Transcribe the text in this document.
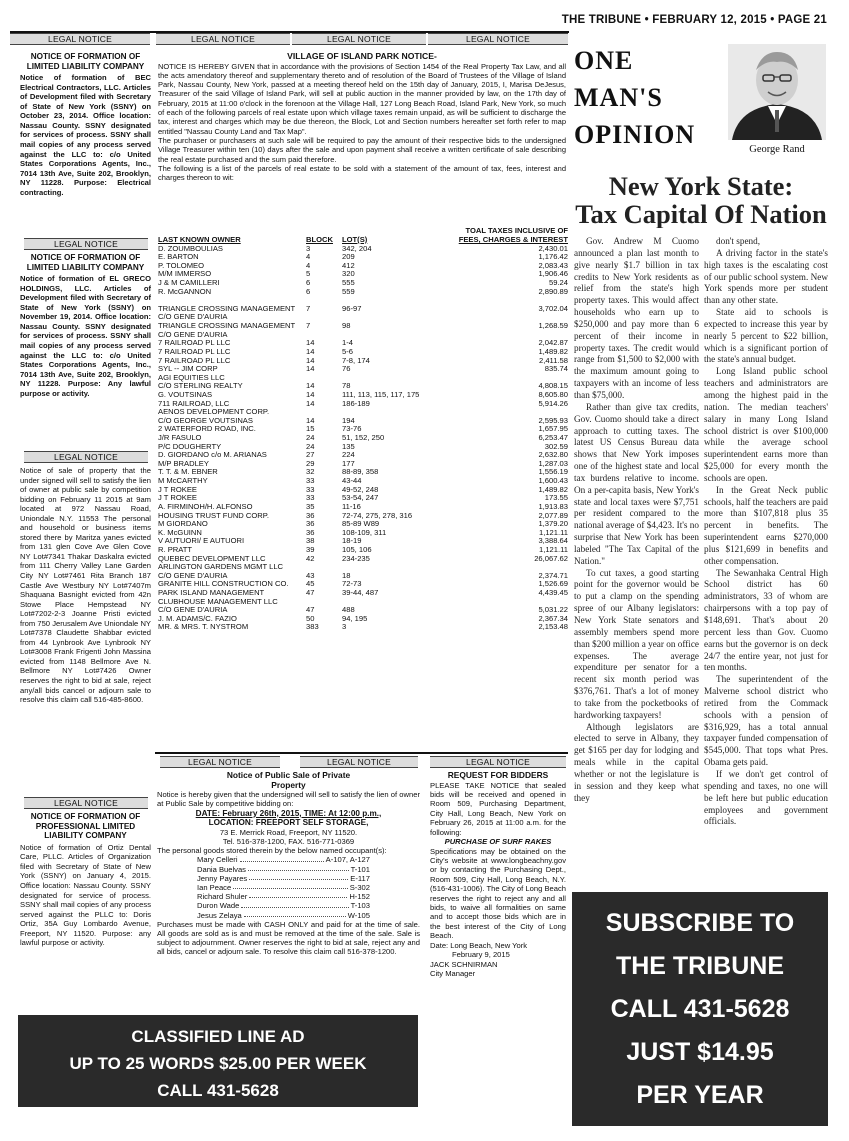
THE TRIBUNE • FEBRUARY 12, 2015 • PAGE 21
LEGAL NOTICE	LEGAL NOTICE	LEGAL NOTICE	LEGAL NOTICE
NOTICE OF FORMATION OF LIMITED LIABILITY COMPANY
Notice of formation of BEC Electrical Contractors, LLC. Articles of Development filed with Secretary of State of New York (SSNY) on October 23, 2014. Office location: Nassau County. SSNY designated for services of process. SSNY shall mail copies of any process served against the LLC to: c/o United States Corporations Agents, Inc., 7014 13th Ave, Suite 202, Brooklyn, NY 11228. Purpose: Electrical contracting.
LEGAL NOTICE
NOTICE OF FORMATION OF LIMITED LIABILITY COMPANY
Notice of formation of EL GRECO HOLDINGS, LLC. Articles of Development filed with Secretary of State of New York (SSNY) on November 19, 2014. Office location: Nassau County. SSNY designated for services of process. SSNY shall mail copies of any process served against the LLC to: c/o United States Corporations Agents, Inc., 7014 13th Ave, Suite 202, Brooklyn, NY 11228. Purpose: Any lawful purpose or activity.
LEGAL NOTICE
Notice of sale of property that the under signed will sell to satisfy the lien of owner at public sale by competition bidding on February 11 2015 at 9am located at 972 Nassau Road, Uniondale N.Y. 11553 The personal and household or business items stored there by Maritza yanes evicted from 131 glen Cove Ave Glen Cove NY Lot#7341 Thakar Daskalra evicted from 111 Cherry Valley Lane Garden City NY Lot#7461 Rita Branch 187 Castle Ave Westbury NY Lot#7407m Shaquana Basnight evicted from 42n Stowe Place Hempstead NY Lot#7202-2-3 Joanne Pristi evicted from 750 Jerusalem Ave Uniondale NY Lot#7378 Claudette Shabbar evicted from 44 Lynbrook Ave Lynbrook NY Lot#3008 Frank Frigenti John Massina evicted from 1148 Bellmore Ave N. Bellmore NY Lot#7426 Owner reserves the right to bid at sale, reject any/all bids cancel or adjourn sale to resolve this claim call 516-485-8600.
LEGAL NOTICE
NOTICE OF FORMATION OF PROFESSIONAL LIMITED LIABILITY COMPANY
Notice of formation of Ortiz Dental Care, PLLC. Articles of Organization filed with Secretary of State of New York (SSNY) on January 4, 2015. Office location: Nassau County. SSNY designated for service of process. SSNY shall mail copies of any process served against the PLLC to: Doris Ortiz, 35A Guy Lombardo Avenue, Freeport, NY 11520. Purpose: any lawful purpose or activity.
VILLAGE OF ISLAND PARK NOTICE-
NOTICE IS HEREBY GIVEN that in accordance with the provisions of Section 1454 of the Real Property Tax Law, and all the acts amendatory thereof and supplementary thereto and of resolution of the Board of Trustees of the Village of Island Park, Nassau County, New York, passed at a meeting thereof held on the 15th day of January, 2015, I, Marisa DeJesus, Treasurer of the said Village of Island Park, will sell at public auction in the manner provided by law, on the 17th day of February, 2015 at 11:00 o'clock in the forenoon at the Village Hall, 127 Long Beach Road, Island Park, New York, so much of each of the following parcels of real estate upon which village taxes remain unpaid, as will be sufficient to discharge the tax, interest and charges which may be due thereon, the Block, Lot and Section numbers hereafter set forth refer to map entitled "Nassau County Land and Tax Map".
The purchaser or purchasers at such sale will be required to pay the amount of their respective bids to the undersigned Village Treasurer within ten (10) days after the sale and upon payment shall receive a written certificate of sale describing the real estate purchased and the sum paid therefore.
The following is a list of the parcels of real estate to be sold with a statement of the amount of tax, fees, interest and charges thereon to wit:
TOAL TAXES INCLUSIVE OF
LAST KNOWN OWNER	BLOCK	LOT(S)	FEES, CHARGES & INTEREST
D. ZOUMBOULIAS	3	342, 204	2,430.01
E. BARTON	4	209	1,176.42
P. TOLOMEO	4	412	2,083.43
M/M IMMERSO	5	320	1,906.46
J & M CAMILLERI	6	555	59.24
R. McGANNON	6	559	2,890.89
TRIANGLE CROSSING MANAGEMENT	7	96-97	3,702.04
C/O GENE D'AURIA
TRIANGLE CROSSING MANAGEMENT	7	98	1,268.59
C/O GENE D'AURIA
7 RAILROAD PL LLC	14	1-4	2,042.87
7 RAILROAD PL LLC	14	5-6	1,489.82
7 RAILROAD PL LLC	14	7-8, 174	2,411.58
SYL -- JIM CORP	14	76	835.74
AGI EQUITIES LLC
C/O STERLING REALTY	14	78	4,808.15
G. VOUTSINAS	14	111, 113, 115, 117, 175	8,605.80
711 RAILROAD, LLC	14	186-189	5,914.26
AENOS DEVELOPMENT CORP.
C/O GEORGE VOUTSINAS	14	194	2,595.93
2 WATERFORD ROAD, INC.	15	73-76	1,657.95
J/R FASULO	24	51, 152, 250	6,253.47
P/C DOUGHERTY	24	135	302.59
D. GIORDANO c/o M. ARIANAS	27	224	2,632.80
M/P BRADLEY	29	177	1,287.03
T. T. & M. EBNER	32	88-89, 358	1,556.19
M McCARTHY	33	43-44	1,600.43
J T ROKEE	33	49-52, 248	1,489.82
J T ROKEE	33	53-54, 247	173.55
A. FIRMINOH/H. ALFONSO	35	11-16	1,913.83
HOUSING TRUST FUND CORP.	36	72-74, 275, 278, 316	2,077.89
M GIORDANO	36	85-89 W89	1,379.20
K. McGUINN	36	108-109, 311	1,121.11
V AUTUORI/ E AUTUORI	38	18-19	3,388.64
R. PRATT	39	105, 106	1,121.11
QUEBEC DEVELOPMENT LLC	42	234-235	26,067.62
ARLINGTON GARDENS MGMT LLC
C/O GENE D'AURIA	43	18	2,374.71
GRANITE HILL CONSTRUCTION CO.	45	72-73	1,526.69
PARK ISLAND MANAGEMENT	47	39-44, 487	4,439.45
CLUBHOUSE MANAGEMENT LLC
C/O GENE D'AURIA	47	488	5,031.22
J. M. ADAMS/C. FAZIO	50	94, 195	2,367.34
MR. & MRS. T. NYSTROM	383	3	2,153.48
LEGAL NOTICE	LEGAL NOTICE
Notice of Public Sale of Private Property
Notice is hereby given that the undersigned will sell to satisfy the lien of owner at Public Sale by competitive bidding on:
DATE: February 26th, 2015, TIME: At 12:00 p.m.,
LOCATION: FREEPORT SELF STORAGE,
73 E. Merrick Road, Freeport, NY 11520.
Tel. 516-378-1200, FAX. 516-771-0369
The personal goods stored therein by the below named occupant(s):
Mary Celleri	A-107, A-127
Dania Buelvas	T-101
Jenny Payares	E-117
Ian Peace	S-302
Richard Shuler	H-152
Duron Wade	T-103
Jesus Zelaya	W-105
Purchases must be made with CASH ONLY and paid for at the time of sale. All goods are sold as is and must be removed at the time of the sale. Sale is subject to adjournment. Owner reserves the right to bid at sale, reject any and all bids, cancel or adjourn sale. To resolve this claim call 516-378-1200.
LEGAL NOTICE
REQUEST FOR BIDDERS
PLEASE TAKE NOTICE that sealed bids will be received and opened in Room 509, Purchasing Department, City Hall, Long Beach, New York on February 26, 2015 at 11:00 a.m. for the following:
PURCHASE OF SURF RAKES
Specifications may be obtained on the City's website at www.longbeachny.gov or by contacting the Purchasing Dept., Room 509, City Hall, Long Beach, N.Y. (516-431-1006). The City of Long Beach reserves the right to reject any and all bids, to waive all formalities on same and to accept those bids which are in the best interest of the City of Long Beach.
Date: Long Beach, New York
February 9, 2015
JACK SCHNIRMAN
City Manager
CLASSIFIED LINE AD
UP TO 25 WORDS $25.00 PER WEEK
CALL 431-5628
ONE
MAN'S
OPINION
George Rand
New York State:
Tax Capital Of Nation

Gov. Andrew M Cuomo announced a plan last month to give nearly $1.7 billion in tax credits to New York residents as relief from the state's high property taxes. This would affect households who earn up to $250,000 and pay more than 6 percent of their income in property taxes. The credit would range from $1,500 to $2,000 with the maximum amount going to taxpayers with an income of less than $75,000.

Rather than give tax credits, Gov. Cuomo should take a direct approach to cutting taxes. The latest US Census Bureau data shows that New York imposes one of the highest state and local tax burdens relative to income. On a per-capita basis, New York's state and local taxes were $7,751 per resident compared to the national average of $4,423. It's no surprise that New York has been labeled "The Tax Capital of the Nation."

To cut taxes, a good starting point for the governor would be to put a clamp on the spending spree of our Albany legislators: New York State senators and assembly members spend more than $200 million a year on office expenses. The average expenditure per senator for a recent six month period was $376,761. That's a lot of money to take from the pocketbooks of hardworking taxpayers!

Although legislators are elected to serve in Albany, they get $165 per day for lodging and meals while in the capital whether or not the legislature is in session and they keep what they

don't spend,

A driving factor in the state's high taxes is the escalating cost of our public school system. New York spends more per student than any other state.

State aid to schools is expected to increase this year by nearly 5 percent to $22 billion, which is a significant portion of the state's annual budget.

Long Island public school teachers and administrators are among the highest paid in the nation. The median teachers' salary in many Long Island school district is over $100,000 while the average school superintendent earns more than $25,000 for every month the schools are open.

In the Great Neck public schools, half the teachers are paid more than $107,818 plus 35 percent in benefits. The superintendent earns $270,000 plus $121,699 in benefits and other compensation.

The Sewanhaka Central High School district has 60 administrators, 33 of whom are chairpersons with a top pay of $148,691. That's about 20 percent less than Gov. Cuomo earns but the governor is on deck 24/7 the entire year, not just for ten months.

The superintendent of the Malverne school district who retired from the Commack schools with a pension of $316,929, has a total annual taxpayer funded compensation of $545,000. That tops what Pres. Obama gets paid.

If we don't get control of spending and taxes, no one will be left here but public education employees and government officials.

SUBSCRIBE TO
THE TRIBUNE
CALL 431-5628
JUST $14.95
PER YEAR
